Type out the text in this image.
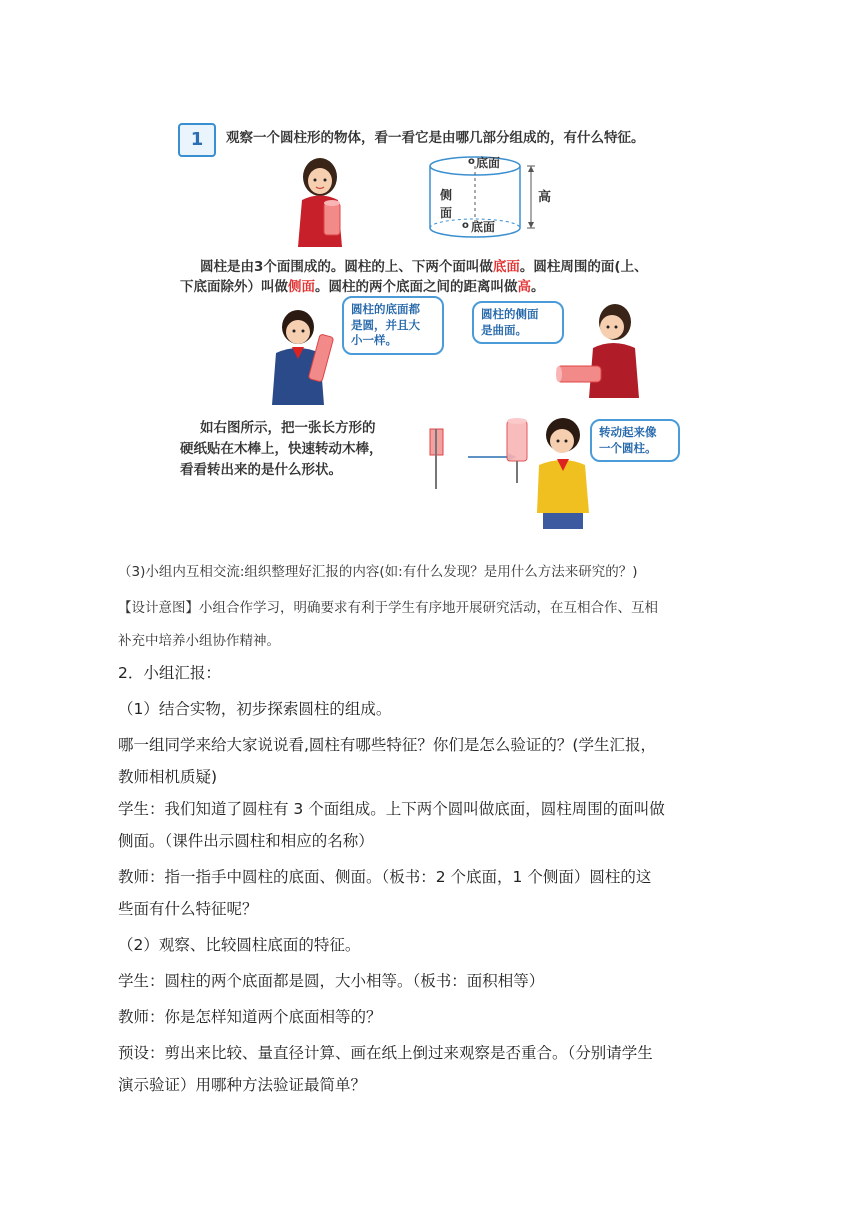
1	观察一个圆柱形的物体，看一看它是由哪几部分组成的，有什么特征。
o 底面
侧
面
高
o 底面
圆柱是由3个面围成的。圆柱的上、下两个面叫做底面。圆柱周围的面(上、
下底面除外）叫做侧面。圆柱的两个底面之间的距离叫做高。
圆柱的底面都
是圆，并且大
小一样。
圆柱的侧面
是曲面。
如右图所示，把一张长方形的
硬纸贴在木棒上，快速转动木棒，
看看转出来的是什么形状。
转动起来像
一个圆柱。
（3)小组内互相交流:组织整理好汇报的内容(如:有什么发现？是用什么方法来研究的？)
【设计意图】小组合作学习，明确要求有利于学生有序地开展研究活动，在互相合作、互相
补充中培养小组协作精神。
2．小组汇报：
（1）结合实物，初步探索圆柱的组成。
哪一组同学来给大家说说看,圆柱有哪些特征？你们是怎么验证的？(学生汇报，
教师相机质疑)
学生：我们知道了圆柱有 3 个面组成。上下两个圆叫做底面，圆柱周围的面叫做
侧面。（课件出示圆柱和相应的名称）
教师：指一指手中圆柱的底面、侧面。（板书：2 个底面，1 个侧面）圆柱的这
些面有什么特征呢？
（2）观察、比较圆柱底面的特征。
学生：圆柱的两个底面都是圆，大小相等。（板书：面积相等）
教师：你是怎样知道两个底面相等的？
预设：剪出来比较、量直径计算、画在纸上倒过来观察是否重合。（分别请学生
演示验证）用哪种方法验证最简单？
